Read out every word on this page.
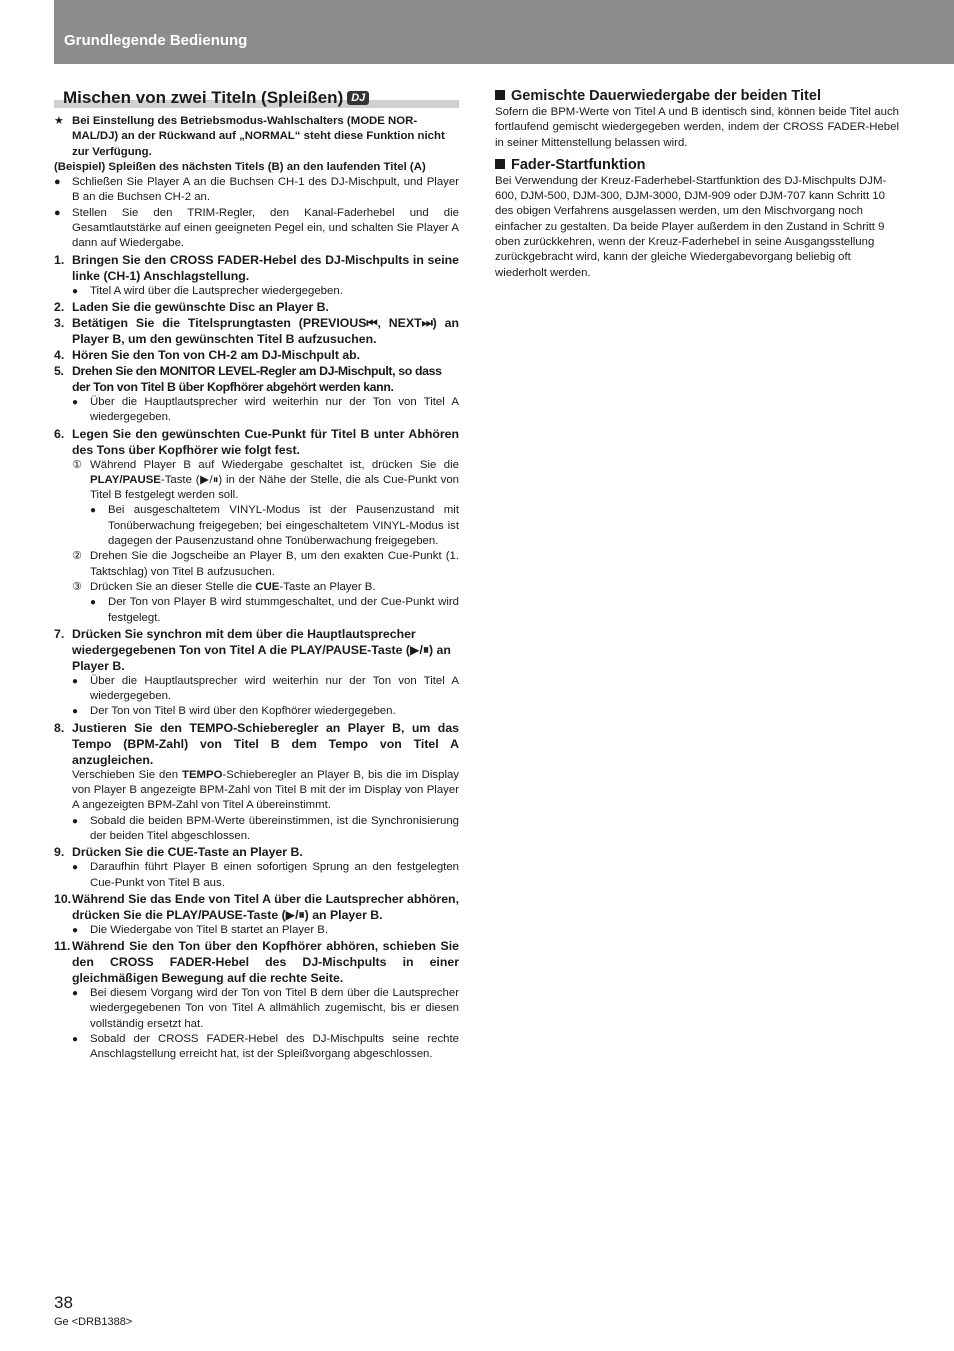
Grundlegende Bedienung
Mischen von zwei Titeln (Spleißen) DJ
★ Bei Einstellung des Betriebsmodus-Wahlschalters (MODE NOR-MAL/DJ) an der Rückwand auf „NORMAL“ steht diese Funktion nicht zur Verfügung.
(Beispiel) Spleißen des nächsten Titels (B) an den laufenden Titel (A)
● Schließen Sie Player A an die Buchsen CH-1 des DJ-Mischpult, und Player B an die Buchsen CH-2 an.
● Stellen Sie den TRIM-Regler, den Kanal-Faderhebel und die Gesamtlautstärke auf einen geeigneten Pegel ein, und schalten Sie Player A dann auf Wiedergabe.
1. Bringen Sie den CROSS FADER-Hebel des DJ-Mischpults in seine linke (CH-1) Anschlagstellung.
●	Titel A wird über die Lautsprecher wiedergegeben.
2. Laden Sie die gewünschte Disc an Player B.
3. Betätigen Sie die Titelsprungtasten (PREVIOUS⏮, NEXT⏭) an Player B, um den gewünschten Titel B aufzusuchen.
4. Hören Sie den Ton von CH-2 am DJ-Mischpult ab.
5. Drehen Sie den MONITOR LEVEL-Regler am DJ-Mischpult, so dass der Ton von Titel B über Kopfhörer abgehört werden kann.
●	Über die Hauptlautsprecher wird weiterhin nur der Ton von Titel A wiedergegeben.
6. Legen Sie den gewünschten Cue-Punkt für Titel B unter Abhören des Tons über Kopfhörer wie folgt fest.
① Während Player B auf Wiedergabe geschaltet ist, drücken Sie die PLAY/PAUSE-Taste (▶/⏸) in der Nähe der Stelle, die als Cue-Punkt von Titel B festgelegt werden soll.
●	Bei ausgeschaltetem VINYL-Modus ist der Pausenzustand mit Tonüberwachung freigegeben; bei eingeschaltetem VINYL-Modus ist dagegen der Pausenzustand ohne Tonüberwachung freigegeben.
② Drehen Sie die Jogscheibe an Player B, um den exakten Cue-Punkt (1. Taktschlag) von Titel B aufzusuchen.
③ Drücken Sie an dieser Stelle die CUE-Taste an Player B.
●	Der Ton von Player B wird stummgeschaltet, und der Cue-Punkt wird festgelegt.
7. Drücken Sie synchron mit dem über die Hauptlautsprecher wiedergegebenen Ton von Titel A die PLAY/PAUSE-Taste (▶/⏸) an Player B.
●	Über die Hauptlautsprecher wird weiterhin nur der Ton von Titel A wiedergegeben.
●	Der Ton von Titel B wird über den Kopfhörer wiedergegeben.
8. Justieren Sie den TEMPO-Schieberegler an Player B, um das Tempo (BPM-Zahl) von Titel B dem Tempo von Titel A anzugleichen.
Verschieben Sie den TEMPO-Schieberegler an Player B, bis die im Display von Player B angezeigte BPM-Zahl von Titel B mit der im Display von Player A angezeigten BPM-Zahl von Titel A übereinstimmt.
●	Sobald die beiden BPM-Werte übereinstimmen, ist die Synchronisierung der beiden Titel abgeschlossen.
9. Drücken Sie die CUE-Taste an Player B.
●	Daraufhin führt Player B einen sofortigen Sprung an den festgelegten Cue-Punkt von Titel B aus.
10. Während Sie das Ende von Titel A über die Lautsprecher abhören, drücken Sie die PLAY/PAUSE-Taste (▶/⏸) an Player B.
●	Die Wiedergabe von Titel B startet an Player B.
11. Während Sie den Ton über den Kopfhörer abhören, schieben Sie den CROSS FADER-Hebel des DJ-Mischpults in einer gleichmäßigen Bewegung auf die rechte Seite.
●	Bei diesem Vorgang wird der Ton von Titel B dem über die Lautsprecher wiedergegebenen Ton von Titel A allmählich zugemischt, bis er diesen vollständig ersetzt hat.
●	Sobald der CROSS FADER-Hebel des DJ-Mischpults seine rechte Anschlagstellung erreicht hat, ist der Spleißvorgang abgeschlossen.
Gemischte Dauerwiedergabe der beiden Titel
Sofern die BPM-Werte von Titel A und B identisch sind, können beide Titel auch fortlaufend gemischt wiedergegeben werden, indem der CROSS FADER-Hebel in seiner Mittenstellung belassen wird.
Fader-Startfunktion
Bei Verwendung der Kreuz-Faderhebel-Startfunktion des DJ-Mischpults DJM-600, DJM-500, DJM-300, DJM-3000, DJM-909 oder DJM-707 kann Schritt 10 des obigen Verfahrens ausgelassen werden, um den Mischvorgang noch einfacher zu gestalten. Da beide Player außerdem in den Zustand in Schritt 9 oben zurückkehren, wenn der Kreuz-Faderhebel in seine Ausgangsstellung zurückgebracht wird, kann der gleiche Wiedergabevorgang beliebig oft wiederholt werden.
38
Ge <DRB1388>
